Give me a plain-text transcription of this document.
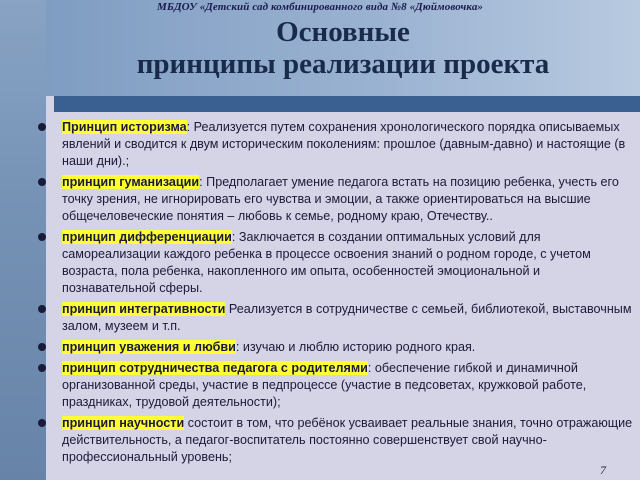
МБДОУ «Детский сад комбинированного вида №8 «Дюймовочка»
Основные
принципы реализации проекта
Принцип историзма: Реализуется путем сохранения хронологического порядка описываемых явлений и сводится к двум историческим поколениям: прошлое (давным-давно) и настоящие (в наши дни).;
принцип гуманизации: Предполагает умение педагога встать на позицию ребенка, учесть его точку зрения, не игнорировать его чувства и эмоции, а также ориентироваться на высшие общечеловеческие понятия – любовь к семье, родному краю, Отечеству..
принцип дифференциации: Заключается в создании оптимальных условий для самореализации каждого ребенка в процессе освоения знаний о родном городе, с учетом возраста, пола ребенка, накопленного им опыта, особенностей эмоциональной и познавательной сферы.
принцип интегративности Реализуется в сотрудничестве с семьей, библиотекой, выставочным залом, музеем и т.п.
принцип уважения и любви: изучаю и люблю историю родного края.
принцип сотрудничества педагога с родителями: обеспечение гибкой и динамичной организованной среды, участие в педпроцессе (участие в педсоветах, кружковой работе, праздниках, трудовой деятельности);
принцип научности состоит в том, что ребёнок усваивает реальные знания, точно отражающие действительность, а педагог-воспитатель постоянно совершенствует свой научно-профессиональный уровень;
7
